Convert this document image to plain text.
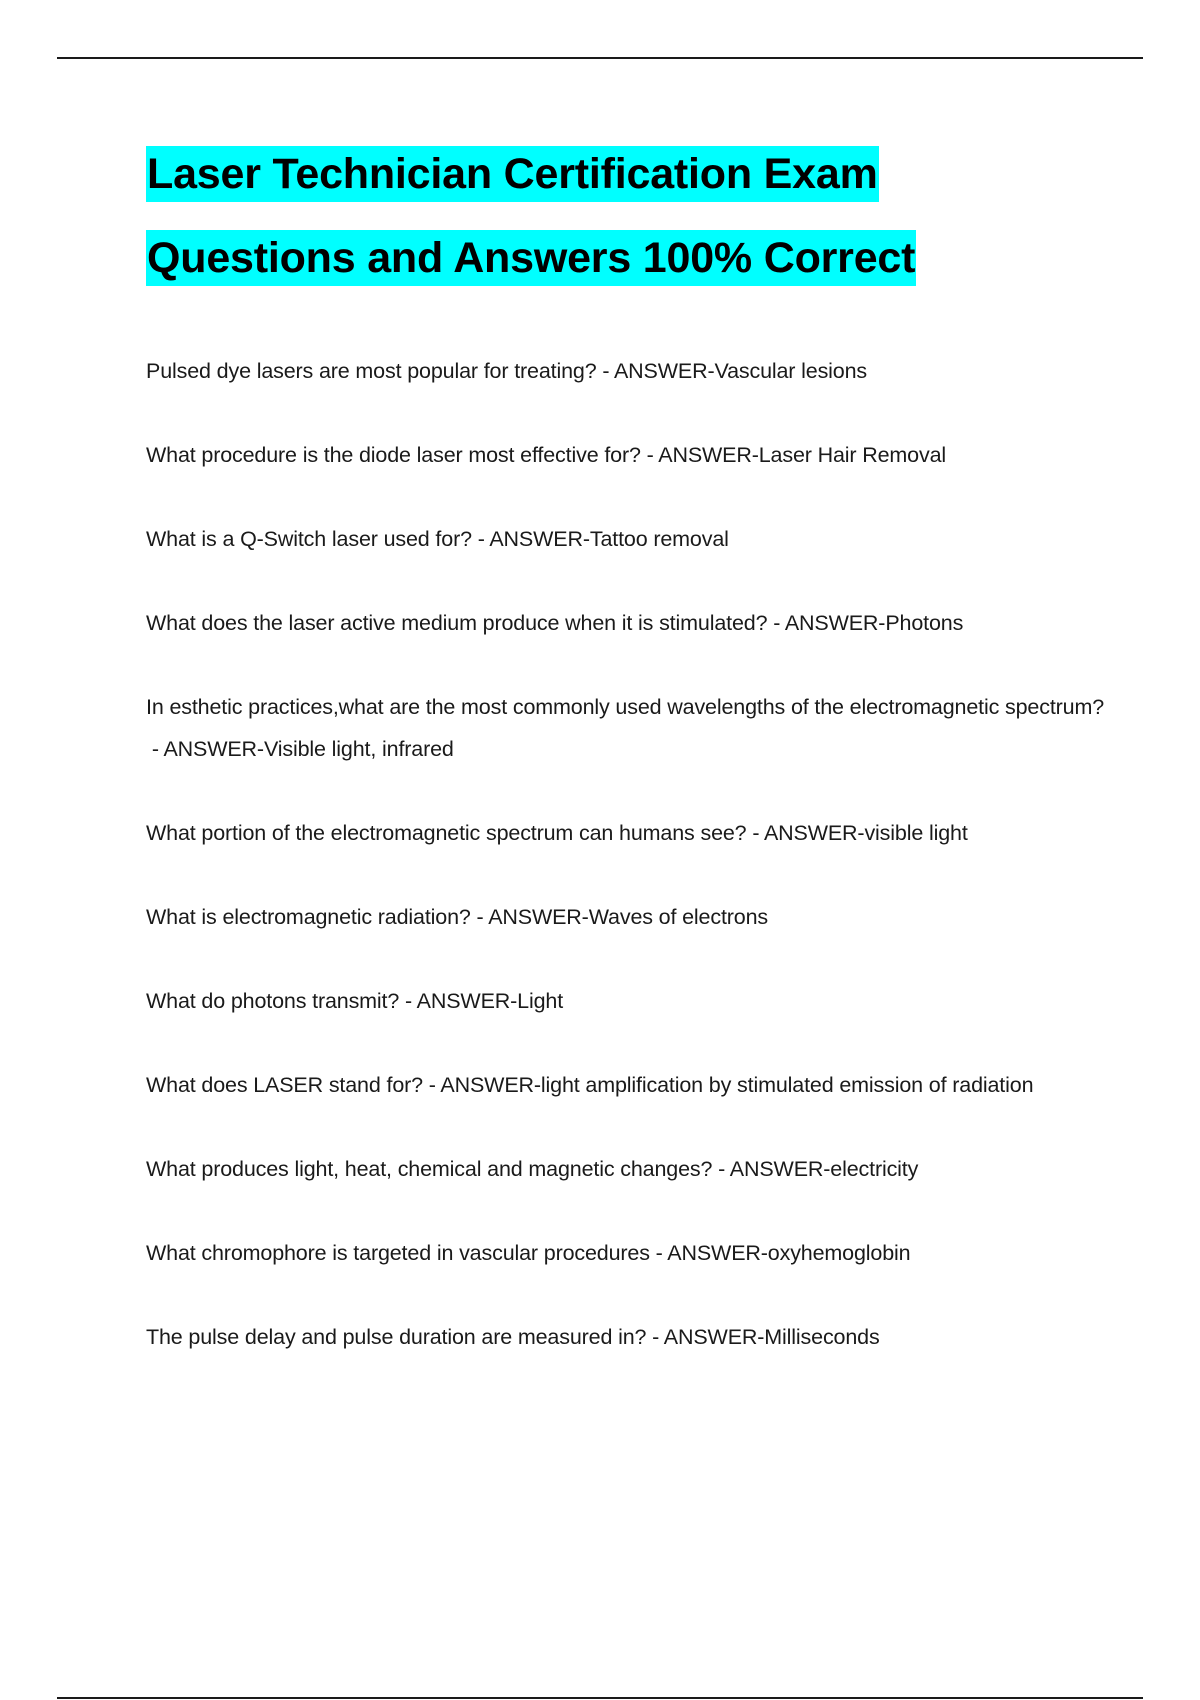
Laser Technician Certification Exam
Questions and Answers 100% Correct
Pulsed dye lasers are most popular for treating? - ANSWER-Vascular lesions
What procedure is the diode laser most effective for? - ANSWER-Laser Hair Removal
What is a Q-Switch laser used for? - ANSWER-Tattoo removal
What does the laser active medium produce when it is stimulated? - ANSWER-Photons
In esthetic practices,what are the most commonly used wavelengths of the electromagnetic spectrum? - ANSWER-Visible light, infrared
What portion of the electromagnetic spectrum can humans see? - ANSWER-visible light
What is electromagnetic radiation? - ANSWER-Waves of electrons
What do photons transmit? - ANSWER-Light
What does LASER stand for? - ANSWER-light amplification by stimulated emission of radiation
What produces light, heat, chemical and magnetic changes? - ANSWER-electricity
What chromophore is targeted in vascular procedures - ANSWER-oxyhemoglobin
The pulse delay and pulse duration are measured in? - ANSWER-Milliseconds
